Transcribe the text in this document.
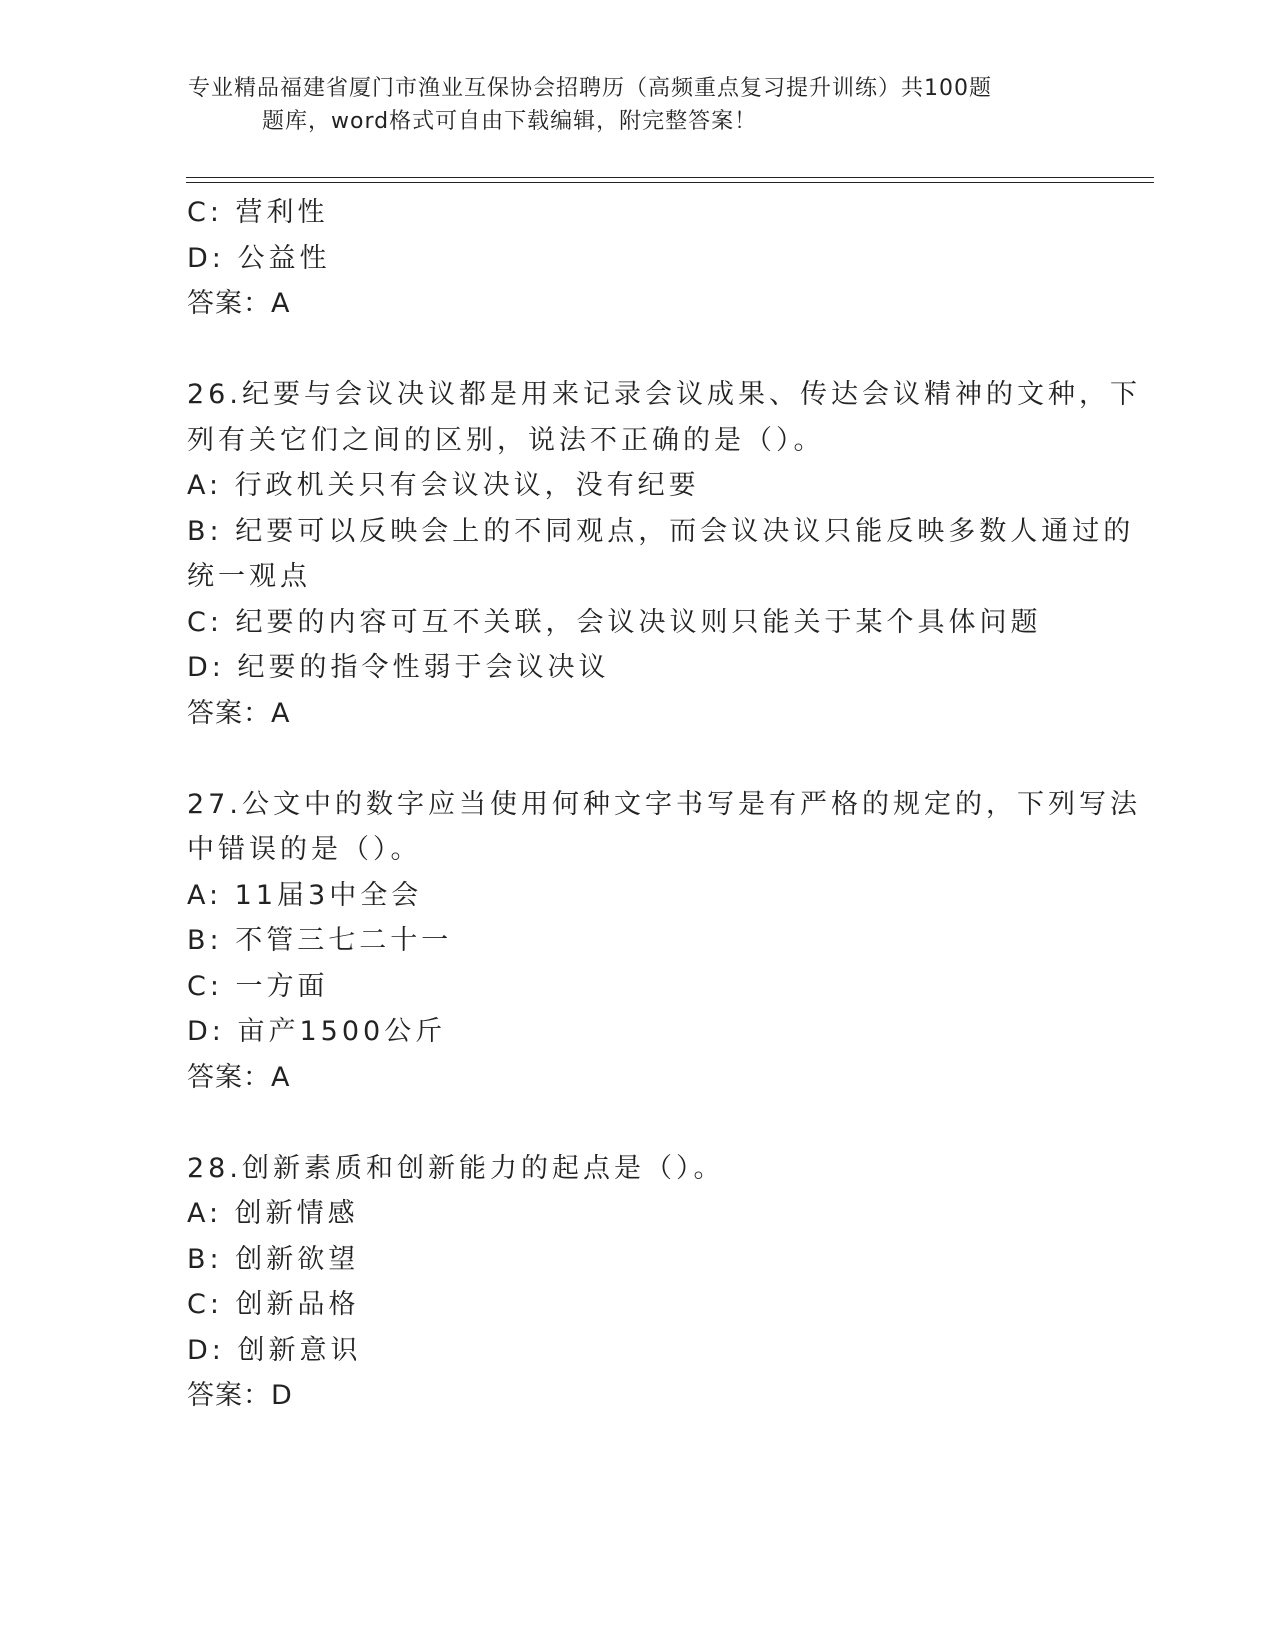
专业精品福建省厦门市渔业互保协会招聘历（高频重点复习提升训练）共100题
题库，word格式可自由下载编辑，附完整答案！
C: 营利性
D: 公益性
答案：A
26.纪要与会议决议都是用来记录会议成果、传达会议精神的文种，下
列有关它们之间的区别，说法不正确的是（）。
A: 行政机关只有会议决议，没有纪要
B: 纪要可以反映会上的不同观点，而会议决议只能反映多数人通过的
统一观点
C: 纪要的内容可互不关联，会议决议则只能关于某个具体问题
D: 纪要的指令性弱于会议决议
答案：A
27.公文中的数字应当使用何种文字书写是有严格的规定的，下列写法
中错误的是（）。
A: 11届3中全会
B: 不管三七二十一
C: 一方面
D: 亩产1500公斤
答案：A
28.创新素质和创新能力的起点是（）。
A: 创新情感
B: 创新欲望
C: 创新品格
D: 创新意识
答案：D
